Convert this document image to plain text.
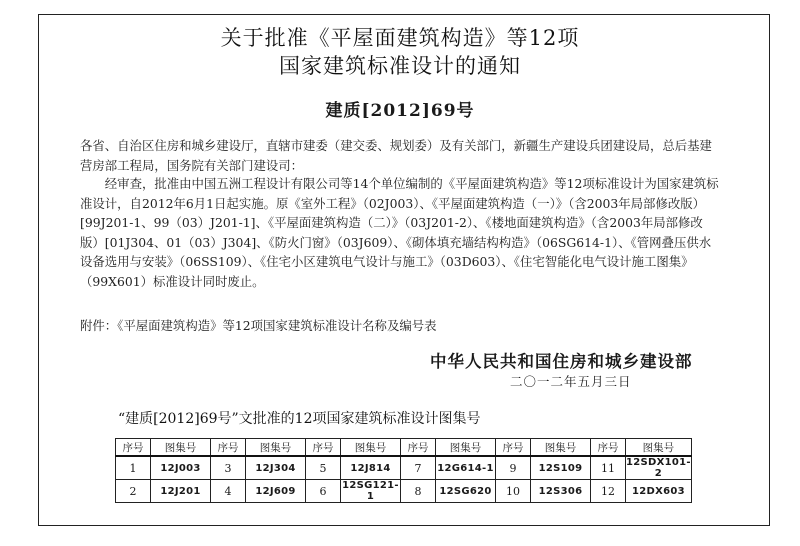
关于批准《平屋面建筑构造》等12项
国家建筑标准设计的通知
建质[2012]69号
各省、自治区住房和城乡建设厅，直辖市建委（建交委、规划委）及有关部门，新疆生产建设兵团建设局，总后基建营房部工程局，国务院有关部门建设司：
经审查，批准由中国五洲工程设计有限公司等14个单位编制的《平屋面建筑构造》等12项标准设计为国家建筑标准设计，自2012年6月1日起实施。原《室外工程》（02J003）、《平屋面建筑构造（一）》（含2003年局部修改版）[99J201-1、99（03）J201-1]、《平屋面建筑构造（二）》（03J201-2）、《楼地面建筑构造》（含2003年局部修改版）[01J304、01（03）J304]、《防火门窗》（03J609）、《砌体填充墙结构构造》（06SG614-1）、《管网叠压供水设备选用与安装》（06SS109）、《住宅小区建筑电气设计与施工》（03D603）、《住宅智能化电气设计施工图集》（99X601）标准设计同时废止。
附件：《平屋面建筑构造》等12项国家建筑标准设计名称及编号表
中华人民共和国住房和城乡建设部
二〇一二年五月三日
“建质[2012]69号”文批准的12项国家建筑标准设计图集号
序号	图集号	序号	图集号	序号	图集号	序号	图集号	序号	图集号	序号	图集号
1	12J003	3	12J304	5	12J814	7	12G614-1	9	12S109	11	12SDX101-2
2	12J201	4	12J609	6	12SG121-1	8	12SG620	10	12S306	12	12DX603
